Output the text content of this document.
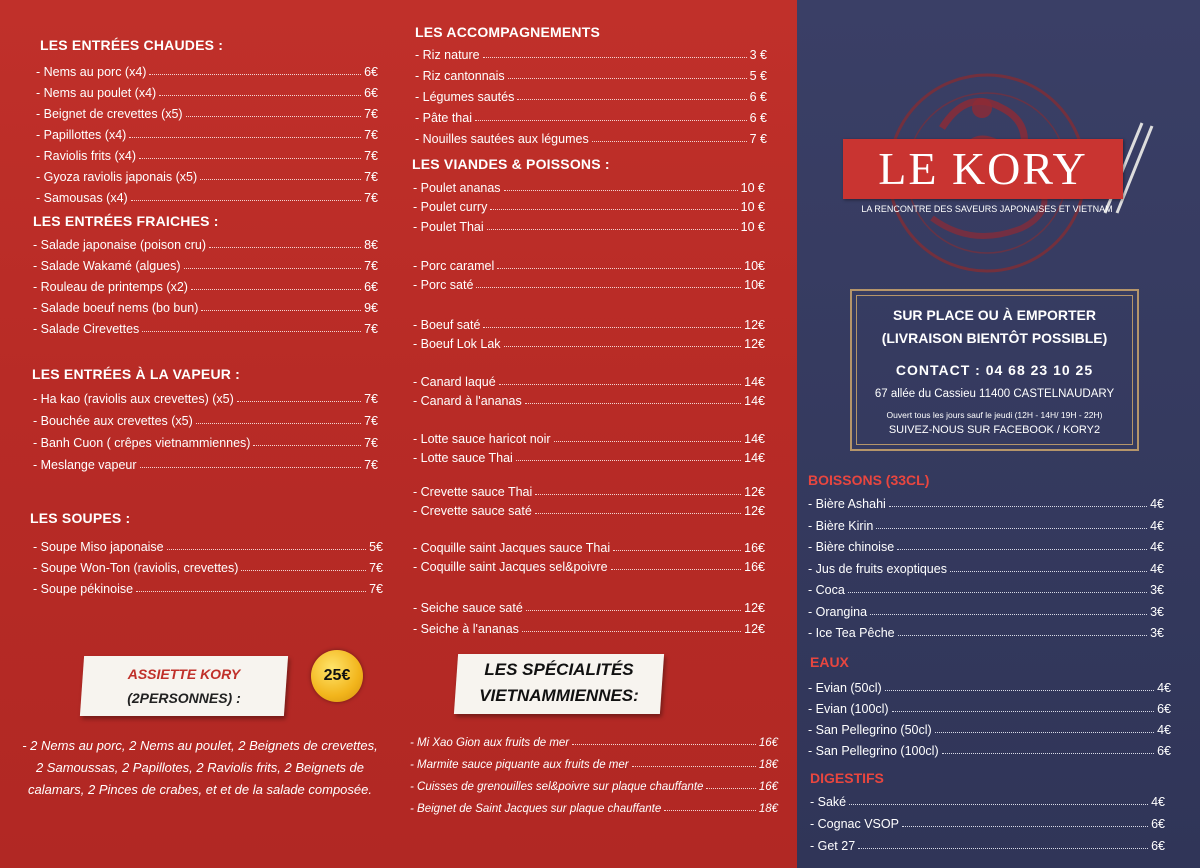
LES ENTRÉES CHAUDES :
LES ENTRÉES FRAICHES :
LES ENTRÉES À LA VAPEUR :
LES SOUPES :
ASSIETTE KORY
(2PERSONNES) :
25€
- 2 Nems au porc, 2 Nems au poulet, 2 Beignets de crevettes, 2 Samoussas, 2 Papillotes, 2 Raviolis frits, 2 Beignets de calamars, 2 Pinces de crabes, et et de la salade composée.
LES ACCOMPAGNEMENTS
LES VIANDES & POISSONS :
LES SPÉCIALITÉS
VIETNAMMIENNES:
- Nems au porc (x4)	6€
- Nems au poulet (x4)	6€
- Beignet de crevettes (x5)	7€
- Papillottes (x4)	7€
- Raviolis frits (x4)	7€
- Gyoza raviolis japonais (x5)	7€
- Samousas (x4)	7€
- Salade japonaise (poison cru)	8€
- Salade Wakamé (algues)	7€
- Rouleau de printemps (x2)	6€
- Salade boeuf nems (bo bun)	9€
- Salade Cirevettes	7€
- Ha kao (raviolis aux crevettes) (x5)	7€
- Bouchée aux crevettes (x5)	7€
- Banh Cuon ( crêpes vietnammiennes)	7€
- Meslange vapeur	7€
- Soupe Miso japonaise	5€
- Soupe Won-Ton (raviolis, crevettes)	7€
- Soupe pékinoise	7€
- Riz nature	3 €
- Riz cantonnais	5 €
- Légumes sautés	6 €
- Pâte thai	6 €
- Nouilles sautées aux légumes	7 €
- Poulet ananas	10 €
- Poulet curry	10 €
- Poulet Thai	10 €
- Porc caramel	10€
- Porc saté	10€
- Boeuf saté	12€
- Boeuf Lok Lak	12€
- Canard laqué	14€
- Canard à l'ananas	14€
- Lotte sauce haricot noir	14€
- Lotte sauce Thai	14€
- Crevette sauce Thai	12€
- Crevette sauce saté	12€
- Coquille saint Jacques sauce Thai	16€
- Coquille saint Jacques sel&poivre	16€
- Seiche sauce saté	12€
- Seiche à l'ananas	12€
- Mi Xao Gion aux fruits de mer	16€
- Marmite sauce piquante aux fruits de mer	18€
- Cuisses de grenouilles sel&poivre sur plaque chauffante	16€
- Beignet de Saint Jacques sur plaque chauffante	18€
LE KORY
LA RENCONTRE DES SAVEURS JAPONAISES ET VIETNAM
SUR PLACE OU À EMPORTER
(LIVRAISON BIENTÔT POSSIBLE)
CONTACT : 04 68 23 10 25
67 allée du Cassieu 11400 CASTELNAUDARY
Ouvert tous les jours sauf le jeudi (12H - 14H/ 19H - 22H)
SUIVEZ-NOUS SUR FACEBOOK / KORY2
BOISSONS (33CL)
EAUX
DIGESTIFS
- Bière Ashahi	4€
- Bière Kirin	4€
- Bière chinoise	4€
- Jus de fruits exoptiques	4€
- Coca	3€
- Orangina	3€
- Ice Tea Pêche	3€
- Evian (50cl)	4€
- Evian (100cl)	6€
- San Pellegrino (50cl)	4€
- San Pellegrino (100cl)	6€
- Saké	4€
- Cognac VSOP	6€
- Get 27	6€
